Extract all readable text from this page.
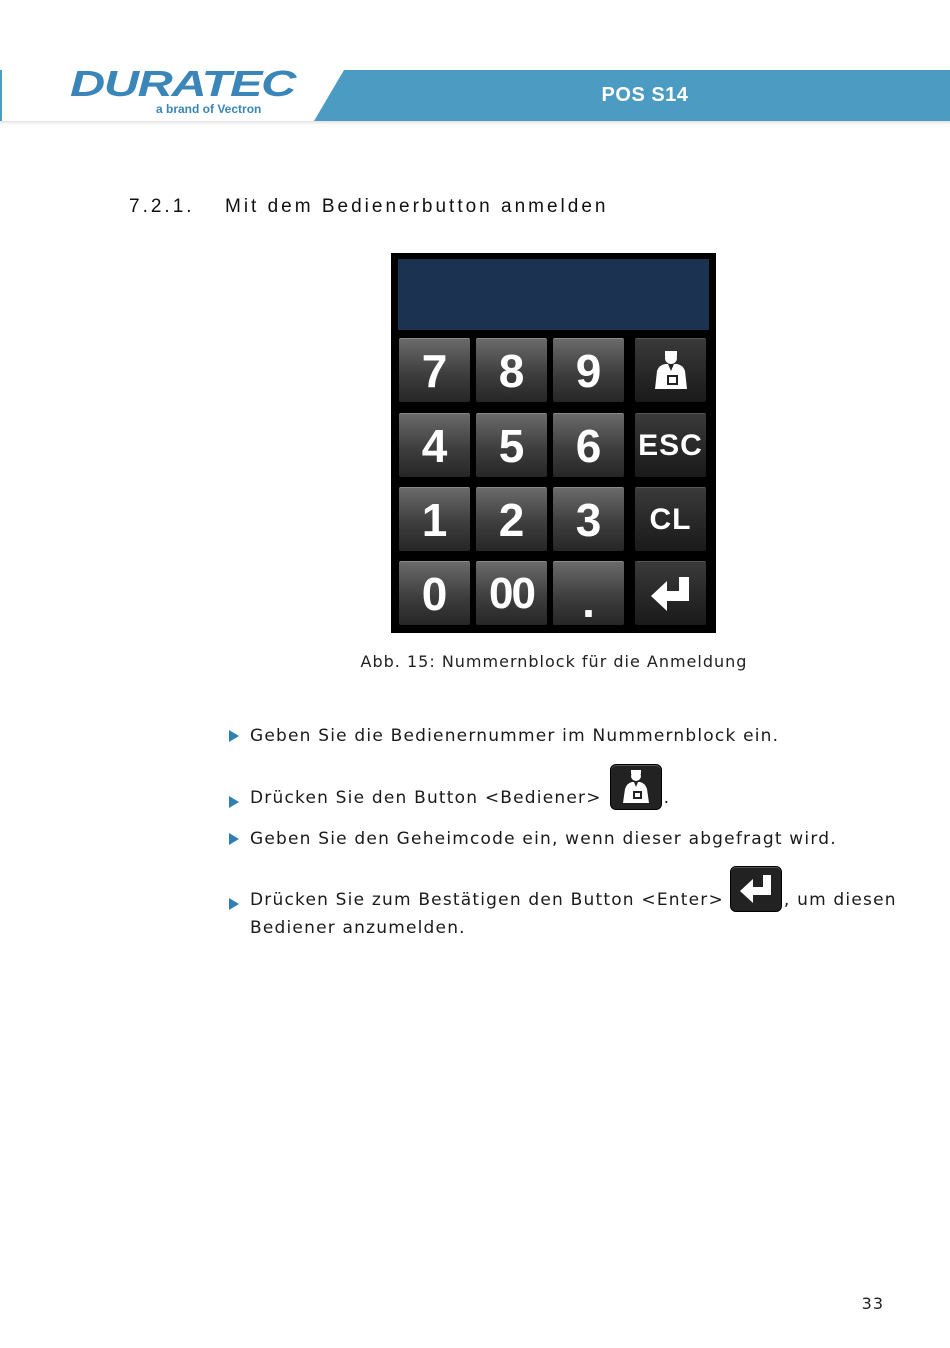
DURATEC
a brand of Vectron
POS S14
7.2.1. Mit dem Bedienerbutton anmelden
7 8 9
4 5 6 ESC
1 2 3 CL
0 00 .
Abb. 15: Nummernblock für die Anmeldung
Geben Sie die Bedienernummer im Nummernblock ein.
Drücken Sie den Button <Bediener>	.
Geben Sie den Geheimcode ein, wenn dieser abgefragt wird.
Drücken Sie zum Bestätigen den Button <Enter>	, um diesen
Bediener anzumelden.
33
